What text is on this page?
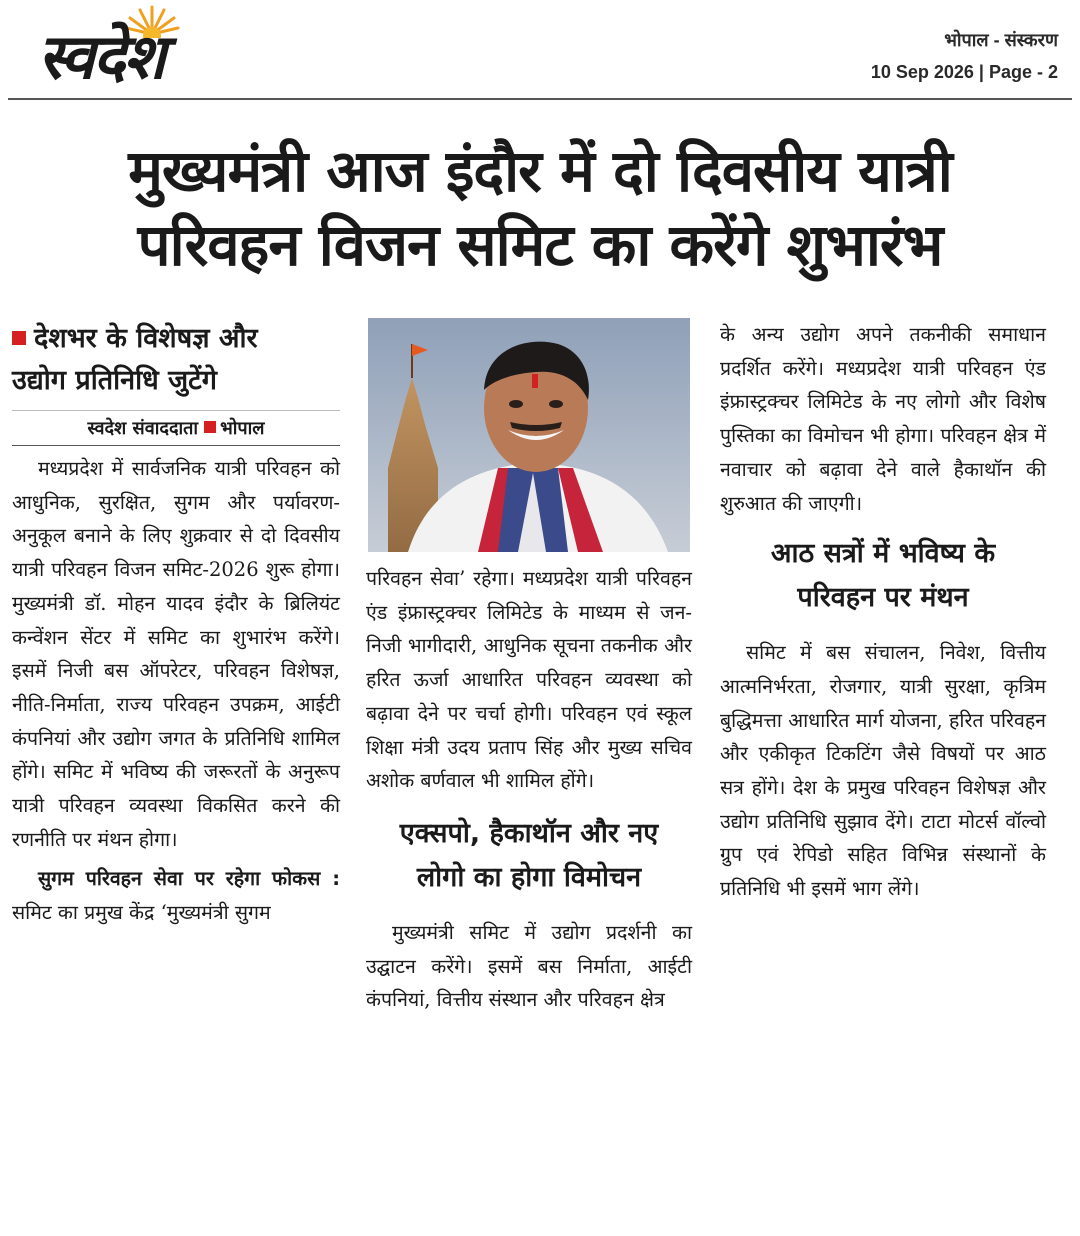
स्वदेश	भोपाल - संस्करण
10 Sep 2026 | Page - 2
मुख्यमंत्री आज इंदौर में दो दिवसीय यात्री
परिवहन विजन समिट का करेंगे शुभारंभ
देशभर के विशेषज्ञ और
उद्योग प्रतिनिधि जुटेंगे
स्वदेश संवाददाता भोपाल

मध्यप्रदेश में सार्वजनिक यात्री परिवहन को आधुनिक, सुरक्षित, सुगम और पर्यावरण-अनुकूल बनाने के लिए शुक्रवार से दो दिवसीय यात्री परिवहन विजन समिट-2026 शुरू होगा। मुख्यमंत्री डॉ. मोहन यादव इंदौर के ब्रिलियंट कन्वेंशन सेंटर में समिट का शुभारंभ करेंगे। इसमें निजी बस ऑपरेटर, परिवहन विशेषज्ञ, नीति-निर्माता, राज्य परिवहन उपक्रम, आईटी कंपनियां और उद्योग जगत के प्रतिनिधि शामिल होंगे। समिट में भविष्य की जरूरतों के अनुरूप यात्री परिवहन व्यवस्था विकसित करने की रणनीति पर मंथन होगा।

सुगम परिवहन सेवा पर रहेगा फोकस : समिट का प्रमुख केंद्र ‘मुख्यमंत्री सुगम

परिवहन सेवा’ रहेगा। मध्यप्रदेश यात्री परिवहन एंड इंफ्रास्ट्रक्चर लिमिटेड के माध्यम से जन-निजी भागीदारी, आधुनिक सूचना तकनीक और हरित ऊर्जा आधारित परिवहन व्यवस्था को बढ़ावा देने पर चर्चा होगी। परिवहन एवं स्कूल शिक्षा मंत्री उदय प्रताप सिंह और मुख्य सचिव अशोक बर्णवाल भी शामिल होंगे।

एक्सपो, हैकाथॉन और नए
लोगो का होगा विमोचन

मुख्यमंत्री समिट में उद्योग प्रदर्शनी का उद्घाटन करेंगे। इसमें बस निर्माता, आईटी कंपनियां, वित्तीय संस्थान और परिवहन क्षेत्र

के अन्य उद्योग अपने तकनीकी समाधान प्रदर्शित करेंगे। मध्यप्रदेश यात्री परिवहन एंड इंफ्रास्ट्रक्चर लिमिटेड के नए लोगो और विशेष पुस्तिका का विमोचन भी होगा। परिवहन क्षेत्र में नवाचार को बढ़ावा देने वाले हैकाथॉन की शुरुआत की जाएगी।

आठ सत्रों में भविष्य के
परिवहन पर मंथन

समिट में बस संचालन, निवेश, वित्तीय आत्मनिर्भरता, रोजगार, यात्री सुरक्षा, कृत्रिम बुद्धिमत्ता आधारित मार्ग योजना, हरित परिवहन और एकीकृत टिकटिंग जैसे विषयों पर आठ सत्र होंगे। देश के प्रमुख परिवहन विशेषज्ञ और उद्योग प्रतिनिधि सुझाव देंगे। टाटा मोटर्स वॉल्वो ग्रुप एवं रेपिडो सहित विभिन्न संस्थानों के प्रतिनिधि भी इसमें भाग लेंगे।
